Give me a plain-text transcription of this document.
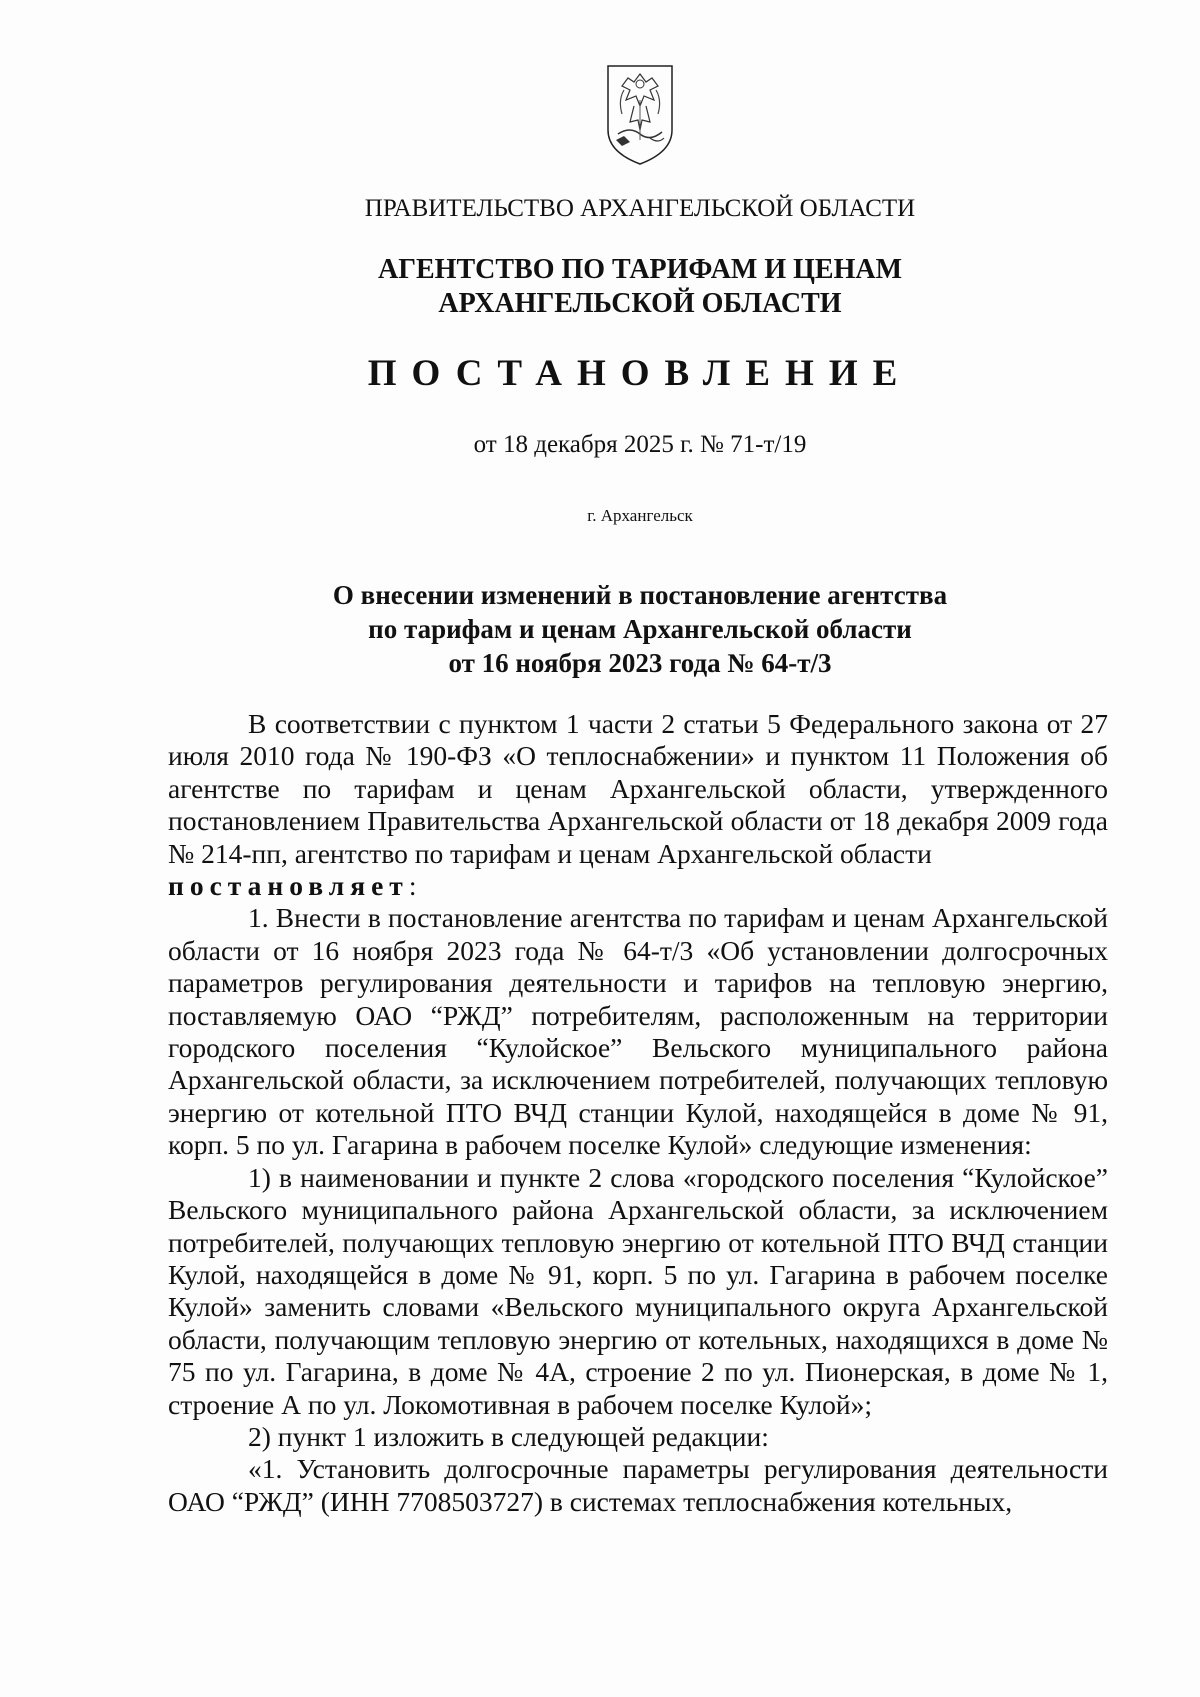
ПРАВИТЕЛЬСТВО АРХАНГЕЛЬСКОЙ ОБЛАСТИ
АГЕНТСТВО ПО ТАРИФАМ И ЦЕНАМ
АРХАНГЕЛЬСКОЙ ОБЛАСТИ
ПОСТАНОВЛЕНИЕ
от 18 декабря 2025 г. № 71-т/19
г. Архангельск
О внесении изменений в постановление агентства
по тарифам и ценам Архангельской области
от 16 ноября 2023 года № 64-т/3

В соответствии с пунктом 1 части 2 статьи 5 Федерального закона от 27 июля 2010 года № 190-ФЗ «О теплоснабжении» и пунктом 11 Положения об агентстве по тарифам и ценам Архангельской области, утвержденного постановлением Правительства Архангельской области от 18 декабря 2009 года № 214-пп, агентство по тарифам и ценам Архангельской области
постановляет:

1. Внести в постановление агентства по тарифам и ценам Архангельской области от 16 ноября 2023 года № 64-т/3 «Об установлении долгосрочных параметров регулирования деятельности и тарифов на тепловую энергию, поставляемую ОАО “РЖД” потребителям, расположенным на территории городского поселения “Кулойское” Вельского муниципального района Архангельской области, за исключением потребителей, получающих тепловую энергию от котельной ПТО ВЧД станции Кулой, находящейся в доме № 91, корп. 5 по ул. Гагарина в рабочем поселке Кулой» следующие изменения:

1) в наименовании и пункте 2 слова «городского поселения “Кулойское” Вельского муниципального района Архангельской области, за исключением потребителей, получающих тепловую энергию от котельной ПТО ВЧД станции Кулой, находящейся в доме № 91, корп. 5 по ул. Гагарина в рабочем поселке Кулой» заменить словами «Вельского муниципального округа Архангельской области, получающим тепловую энергию от котельных, находящихся в доме № 75 по ул. Гагарина, в доме № 4А, строение 2 по ул. Пионерская, в доме № 1, строение А по ул. Локомотивная в рабочем поселке Кулой»;

2) пункт 1 изложить в следующей редакции:

«1. Установить долгосрочные параметры регулирования деятельности ОАО “РЖД” (ИНН 7708503727) в системах теплоснабжения котельных,
